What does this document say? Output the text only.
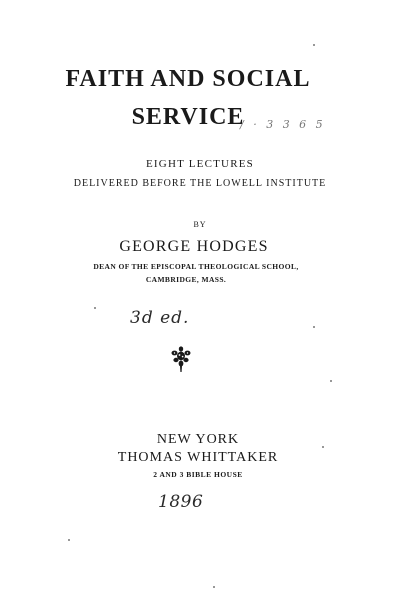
FAITH AND SOCIAL
SERVICE
/ · 3 3 6 5
EIGHT LECTURES
DELIVERED BEFORE THE LOWELL INSTITUTE
BY
GEORGE HODGES
DEAN OF THE EPISCOPAL THEOLOGICAL SCHOOL,
CAMBRIDGE, MASS.
3d ed.
NEW YORK
THOMAS WHITTAKER
2 AND 3 BIBLE HOUSE
1896
